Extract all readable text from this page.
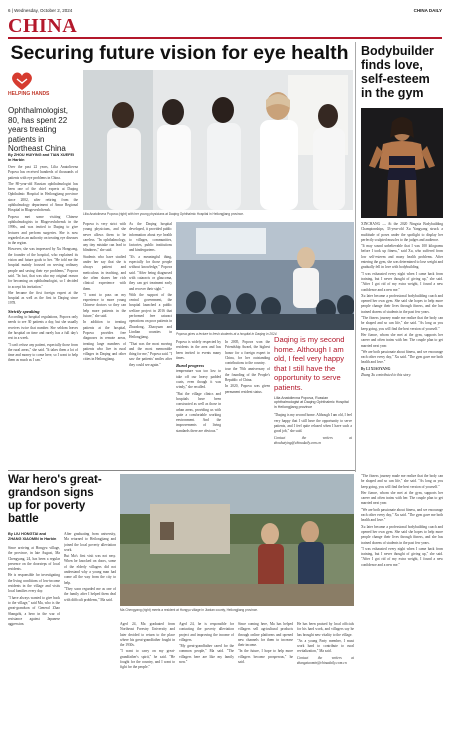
6 | Wednesday, October 2, 2024	CHINA DAILY
CHINA
Securing future vision for eye health
HELPING HANDS
Ophthalmologist, 80, has spent 22 years treating patients in Northeast China
By ZHOU HUIYING and TIAN XUEFEI in Harbin

Over the past 22 years, Lilia Anatolievna Popova has received hundreds of thousands of patients with eye problems in China.

The 80-year-old Russian ophthalmologist has been one of the chief experts at Daqing Ophthalmic Hospital in Heilongjiang province since 2002, after retiring from the ophthalmology department of Amur Regional Hospital in Blagoveshchensk.

Popova met some visiting Chinese ophthalmologists in Blagoveshchensk in the 1990s, and was invited to Daqing to give lectures and perform surgeries. She is now regarded as an authority on treating eye diseases in the region.

However, she was impressed by Xu Hongsong, the founder of the hospital, who explained its vision and future goals to her. "He told me the hospital mainly focused on serving ordinary people and saving their eye problems," Popova said. "In fact, that was also my original reason for becoming an ophthalmologist, so I decided to accept his invitation."

She became the first foreign expert at the hospital as well as the first in Daqing since 1978.

Strictly speaking

According to hospital regulations, Popova only needs to see 30 patients a day, but she usually receives twice that number. She seldom leaves the hospital on time and rarely has a full day's rest in a week.

"I can't refuse any patient, especially those from the rural areas," she said. "It takes them a lot of time and money to come here, so I want to help them as much as I can."

Lilia Anatolievna Popova (right) with her young physicians at Daqing Ophthalmic Hospital in Heilongjiang province.
Popova gives a lecture to fresh students at a hospital in Daqing in 2024.

Popova is very strict with young physicians, and she never allows them to be careless. "In ophthalmology, any tiny mistake can lead to blindness," she said.

Students who have studied under her say that she is always patient and meticulous in teaching, and she often shares her rich clinical experience with them.

"I want to pass on my experience to more young Chinese doctors so they can help more patients in the future," she said.

In addition to treating patients at the hospital, Popova provides free diagnoses in remote areas, treating large numbers of patients who live in rural villages in Daqing and other cities in Heilongjiang.

As the Daqing hospital developed, it provided public information about eye health to villages, communities, factories, public institutions and kindergartens.

"It's a meaningful thing, especially for those people without knowledge," Popova said. "After being diagnosed with cataracts or glaucoma, they can get treatment early and recover their sight."

With the support of the central government, the hospital launched a public welfare project in 2016 that performed free cataract operations on poor patients in Zhaodong, Zhaoyuan and Lindian counties in Heilongjiang.

"That was the most moving and the most memorable thing for me," Popova said. "I saw the patients' smiles after they could see again."

Popova is widely respected by residents in the area and has been invited to events many times.

Rural progress

temperature was too low to take off our heavy padded coats, even though it was windy," she recalled.

"But the village clinics and hospitals have been constructed as well as those in urban areas, providing us with quite a comfortable working environment. And the improvements of living standards there are obvious."

In 2005, Popova won the Friendship Award, the highest honor for a foreign expert in China, for her outstanding contributions to the country.

tour the 70th anniversary of the founding of the People's Republic of China.

In 2020, Popova was given permanent resident status.

Daqing is my second home. Although I am old, I feel very happy that I still have the opportunity to serve patients.
Lilia Anatolievna Popova, Russian ophthalmologist at Daqing Ophthalmic Hospital in Heilongjiang province

"Daqing is my second home. Although I am old, I feel very happy that I still have the opportunity to serve patients, and I feel quite relaxed when I have such a good job," she said.

Contact the writers at zhouhuiying@chinadaily.com.cn

Bodybuilder finds love, self-esteem in the gym

XINCHANG — At the 2020 Ningxia Bodybuilding Championships, 33-year-old Xu Yangyang struck a multitude of poses under the spotlight to display her perfectly sculpted muscles to the judges and audience.

"It may sound unbelievable that I was 100 kilograms before I took up fitness," said Xu, who suffered from low self-esteem and many health problems. After entering the gym, she was determined to lose weight and gradually fell in love with bodybuilding.

"I was exhausted every night when I came back from training, but I never thought of giving up," she said. "After I got rid of my extra weight, I found a new confidence and a new me."

Xu later became a professional bodybuilding coach and opened her own gym. She said she hopes to help more people change their lives through fitness, and she has trained dozens of students in the past few years.

"The fitness journey made me realize that the body can be shaped and so can life," she said. "As long as you keep going, you will find the best version of yourself."

Her fiance, whom she met at the gym, supports her career and often trains with her. The couple plan to get married next year.

"We are both passionate about fitness, and we encourage each other every day," Xu said. "The gym gave me both health and love."

By LI XIAOYANG

Zhang Xu contributed to this story.

War hero's great-grandson signs up for poverty battle
By LIU HONGTAI and ZHANG XIAOMIN in Harbin

Since arriving at Hongyu village, the province, in late August, Ma Chengyang, 24, has been a regular presence on the doorsteps of local residents.

He is responsible for investigating the living conditions of low-income residents in the village and visits local families every day.

"I have always wanted to give back to the village," said Ma, who is the great-grandson of General Zhao Shangzhi, a hero in the war of resistance against Japanese aggression.

After graduating from university, Ma returned to Heilongjiang and joined the local poverty alleviation work.

But Ma's first visit was not easy. When he knocked on doors, some of the elderly villagers did not understand why a young man had come all the way from the city to help.

"They soon regarded me as one of the family after I helped them deal with difficult problems," Ma said.

Ma Chengyang (right) meets a resident at Hongyu village in Jiaxian county, Heilongjiang province.

Aged 24, Ma graduated from Northeast Forestry University and later decided to return to the place where his great-grandfather fought in the 1930s.

"I want to carry on my great-grandfather's spirit," he said. "He fought for the country, and I want to fight for the people."

Aged 24, he is responsible for contacting the poverty alleviation project and improving the income of villagers.

"My great-grandfather cared for the common people," Ma said. "The villagers here are like my family now."

Since coming here, Ma has helped villagers sell agricultural products through online platforms and opened new channels for them to increase their income.

"In the future, I hope to help more villagers become prosperous," he said.

He has been praised by local officials for his hard work, and villagers say he has brought new vitality to the village.

"As a young Party member, I must work hard to contribute to rural revitalization," Ma said.

Contact the writers at zhangxiaomin@chinadaily.com.cn

"The fitness journey made me realize that the body can be shaped and so can life," she said. "As long as you keep going, you will find the best version of yourself."

Her fiance, whom she met at the gym, supports her career and often trains with her. The couple plan to get married next year.

"We are both passionate about fitness, and we encourage each other every day," Xu said. "The gym gave me both health and love."

Xu later became a professional bodybuilding coach and opened her own gym. She said she hopes to help more people change their lives through fitness, and she has trained dozens of students in the past few years.

"I was exhausted every night when I came back from training, but I never thought of giving up," she said. "After I got rid of my extra weight, I found a new confidence and a new me."
